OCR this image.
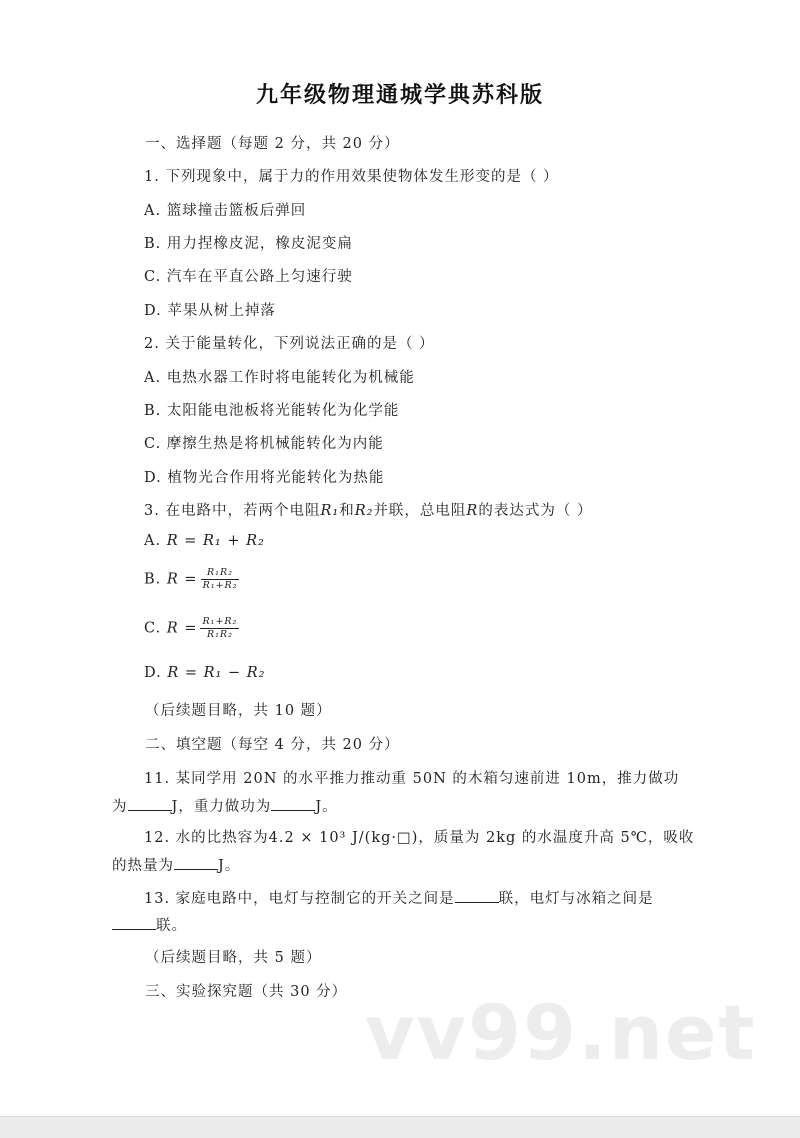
九年级物理通城学典苏科版
一、选择题（每题 2 分，共 20 分）
1. 下列现象中，属于力的作用效果使物体发生形变的是（ ）
A. 篮球撞击篮板后弹回
B. 用力捏橡皮泥，橡皮泥变扁
C. 汽车在平直公路上匀速行驶
D. 苹果从树上掉落
2. 关于能量转化，下列说法正确的是（ ）
A. 电热水器工作时将电能转化为机械能
B. 太阳能电池板将光能转化为化学能
C. 摩擦生热是将机械能转化为内能
D. 植物光合作用将光能转化为热能
3. 在电路中，若两个电阻R₁和R₂并联，总电阻R的表达式为（ ）
A. R = R₁ + R₂
B. $R = \frac{\text{R₁R₂}}{\text{R₁+R₂}}$
C. $R = \frac{\text{R₁+R₂}}{\text{R₁R₂}}$
D. R = R₁ − R₂
（后续题目略，共 10 题）
二、填空题（每空 4 分，共 20 分）
11. 某同学用 20N 的水平推力推动重 50N 的木箱匀速前进 10m，推力做功
为	J，重力做功为	J。
12. 水的比热容为4.2 × 10³ J/(kg·□)，质量为 2kg 的水温度升高 5℃，吸收
的热量为	J。
13. 家庭电路中，电灯与控制它的开关之间是	联，电灯与冰箱之间是
联。
（后续题目略，共 5 题）
三、实验探究题（共 30 分） vv99.net
